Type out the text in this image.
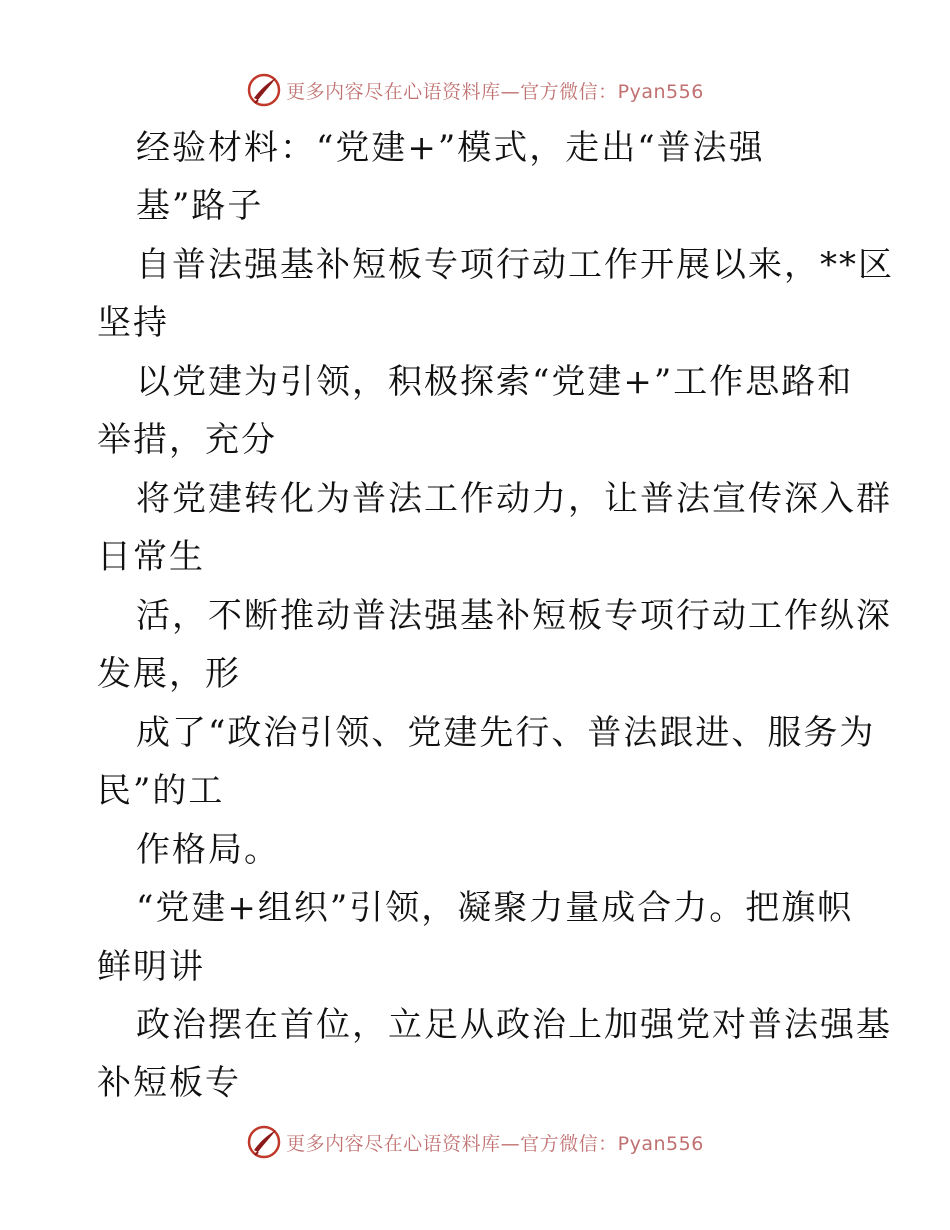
更多内容尽在心语资料库—官方微信：Pyan556
经验材料：“党建+”模式，走出“普法强
基”路子
自普法强基补短板专项行动工作开展以来，**区
坚持
以党建为引领，积极探索“党建+”工作思路和
举措，充分
将党建转化为普法工作动力，让普法宣传深入群
日常生
活，不断推动普法强基补短板专项行动工作纵深
发展，形
成了“政治引领、党建先行、普法跟进、服务为
民”的工
作格局。
“党建+组织”引领，凝聚力量成合力。把旗帜
鲜明讲
政治摆在首位，立足从政治上加强党对普法强基
补短板专
更多内容尽在心语资料库—官方微信：Pyan556
